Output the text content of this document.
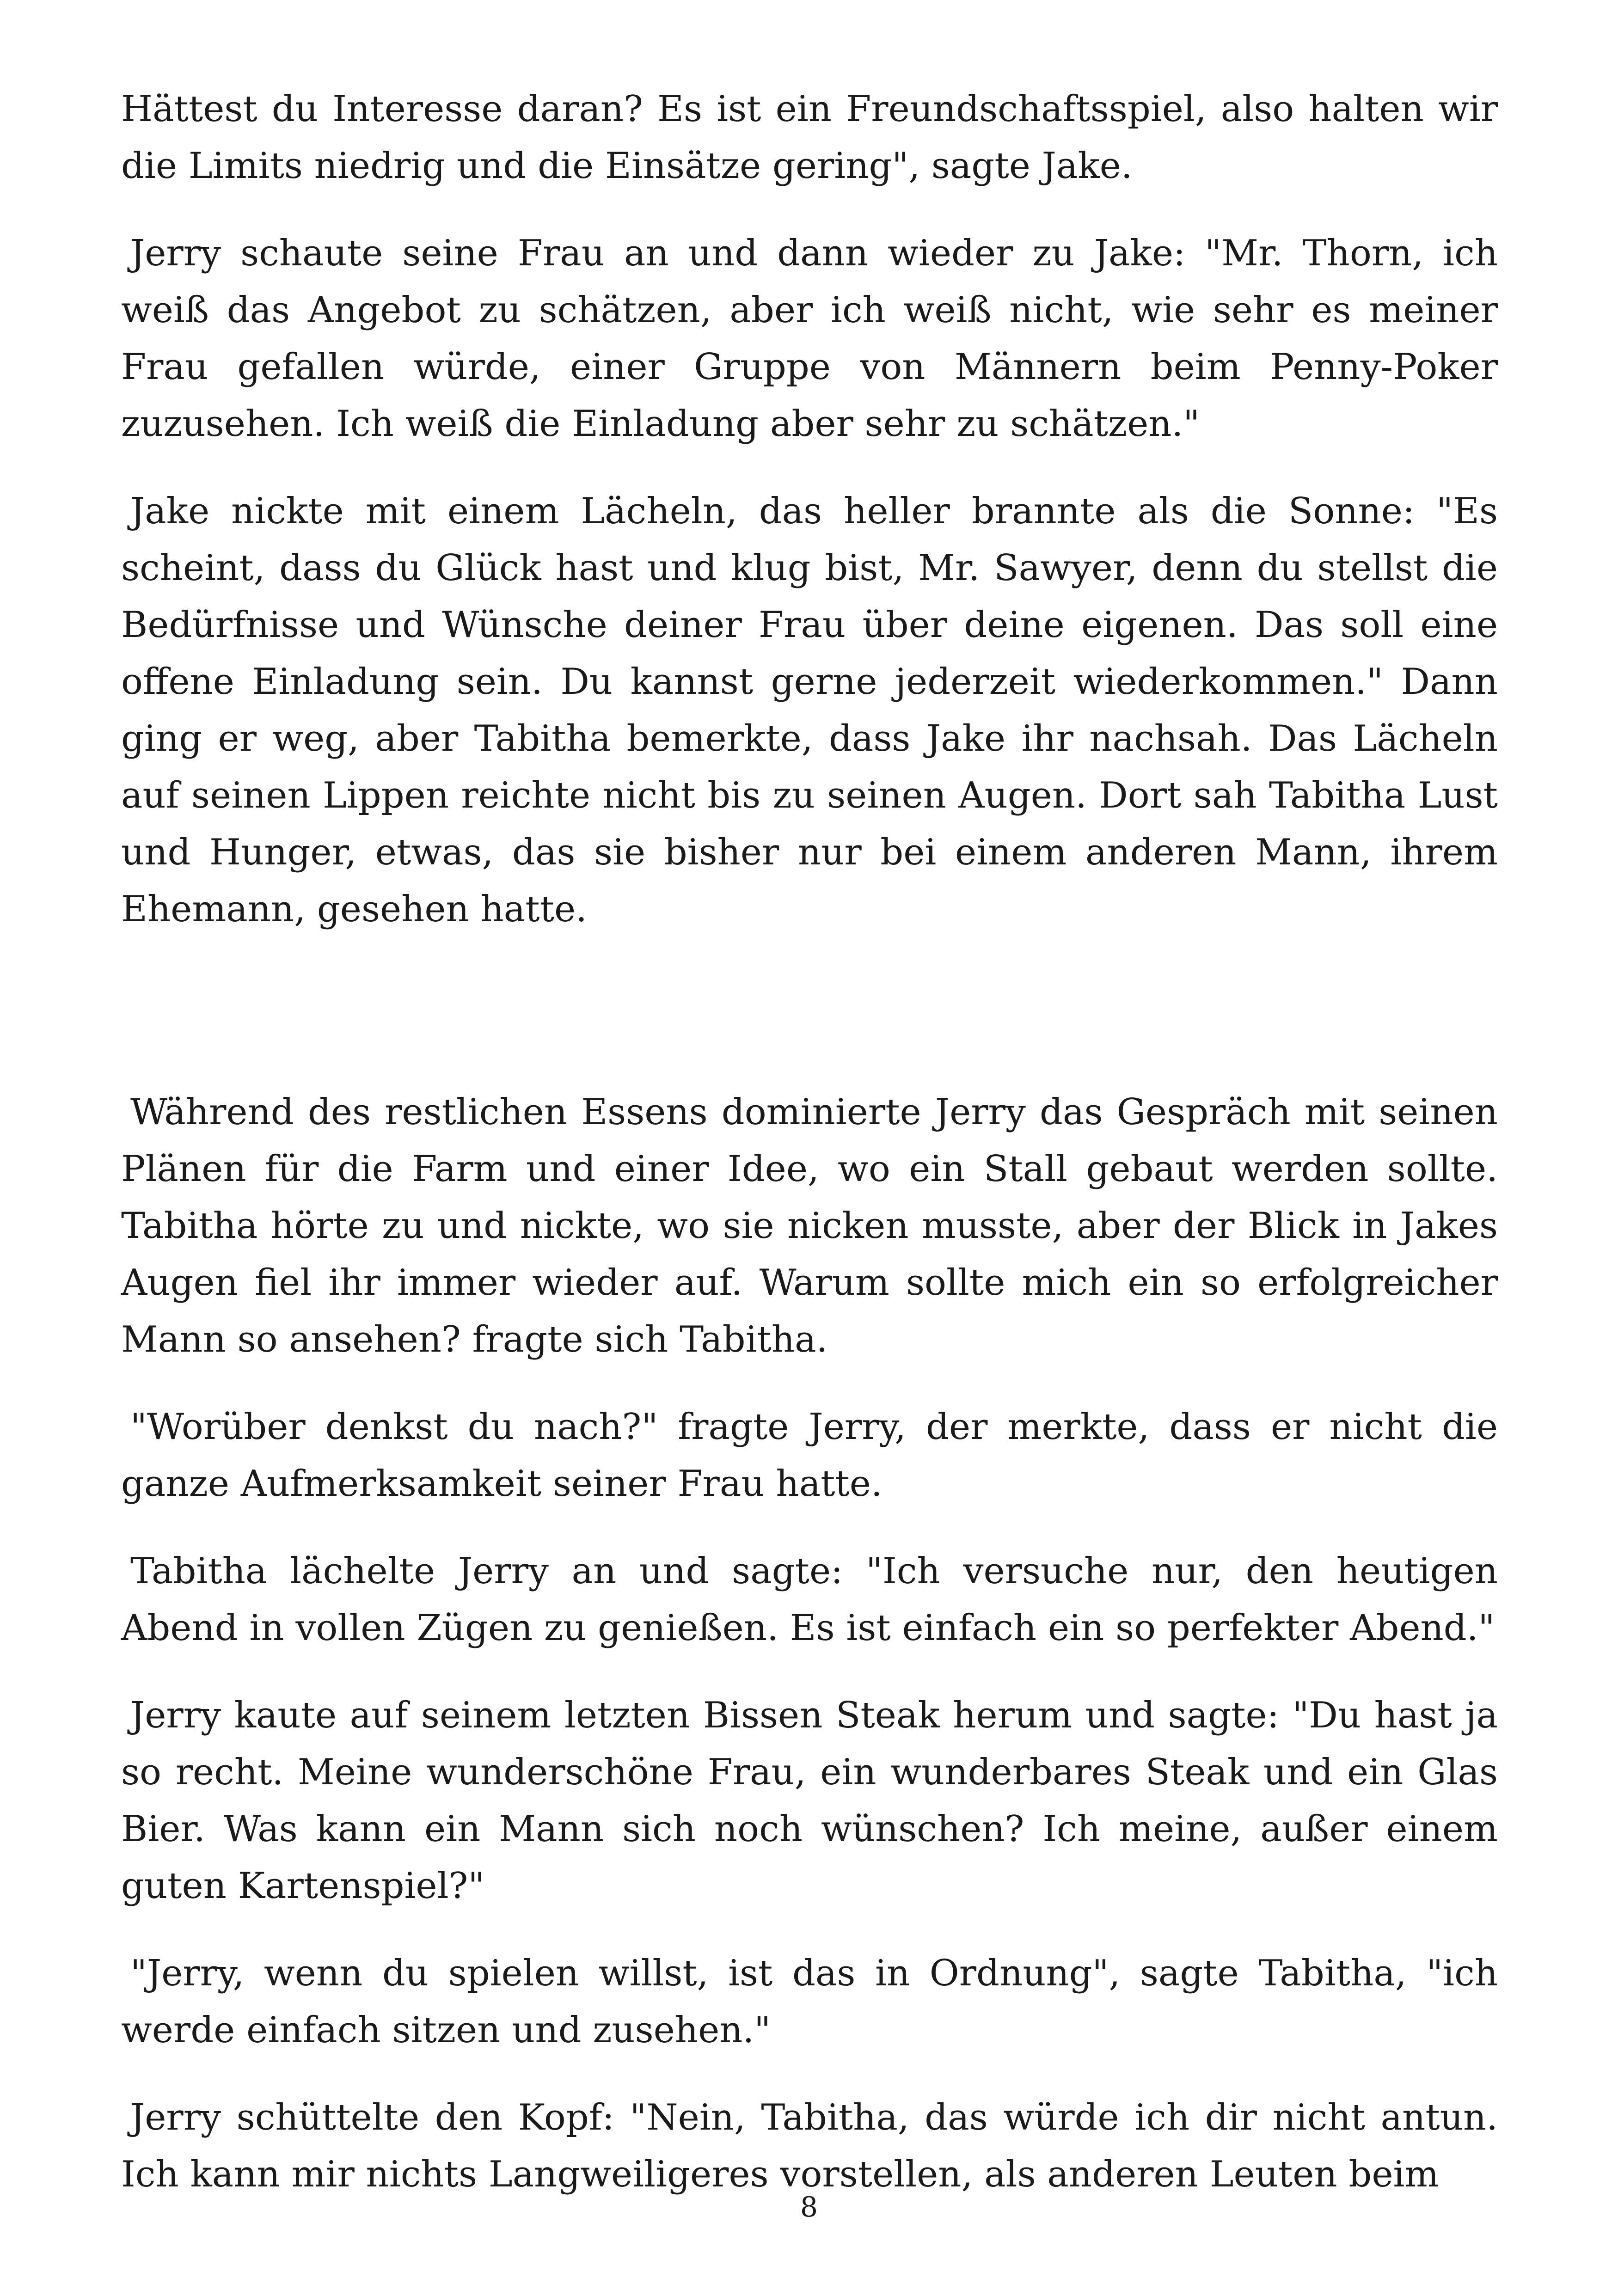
Hättest du Interesse daran? Es ist ein Freundschaftsspiel, also halten wir die Limits niedrig und die Einsätze gering", sagte Jake.

Jerry schaute seine Frau an und dann wieder zu Jake: "Mr. Thorn, ich weiß das Angebot zu schätzen, aber ich weiß nicht, wie sehr es meiner Frau gefallen würde, einer Gruppe von Männern beim Penny-Poker zuzusehen. Ich weiß die Einladung aber sehr zu schätzen."

Jake nickte mit einem Lächeln, das heller brannte als die Sonne: "Es scheint, dass du Glück hast und klug bist, Mr. Sawyer, denn du stellst die Bedürfnisse und Wünsche deiner Frau über deine eigenen. Das soll eine offene Einladung sein. Du kannst gerne jederzeit wiederkommen." Dann ging er weg, aber Tabitha bemerkte, dass Jake ihr nachsah. Das Lächeln auf seinen Lippen reichte nicht bis zu seinen Augen. Dort sah Tabitha Lust und Hunger, etwas, das sie bisher nur bei einem anderen Mann, ihrem Ehemann, gesehen hatte.

Während des restlichen Essens dominierte Jerry das Gespräch mit seinen Plänen für die Farm und einer Idee, wo ein Stall gebaut werden sollte. Tabitha hörte zu und nickte, wo sie nicken musste, aber der Blick in Jakes Augen fiel ihr immer wieder auf. Warum sollte mich ein so erfolgreicher Mann so ansehen? fragte sich Tabitha.

"Worüber denkst du nach?" fragte Jerry, der merkte, dass er nicht die ganze Aufmerksamkeit seiner Frau hatte.

Tabitha lächelte Jerry an und sagte: "Ich versuche nur, den heutigen Abend in vollen Zügen zu genießen. Es ist einfach ein so perfekter Abend."

Jerry kaute auf seinem letzten Bissen Steak herum und sagte: "Du hast ja so recht. Meine wunderschöne Frau, ein wunderbares Steak und ein Glas Bier. Was kann ein Mann sich noch wünschen? Ich meine, außer einem guten Kartenspiel?"

"Jerry, wenn du spielen willst, ist das in Ordnung", sagte Tabitha, "ich werde einfach sitzen und zusehen."

Jerry schüttelte den Kopf: "Nein, Tabitha, das würde ich dir nicht antun. Ich kann mir nichts Langweiligeres vorstellen, als anderen Leuten beim

8
